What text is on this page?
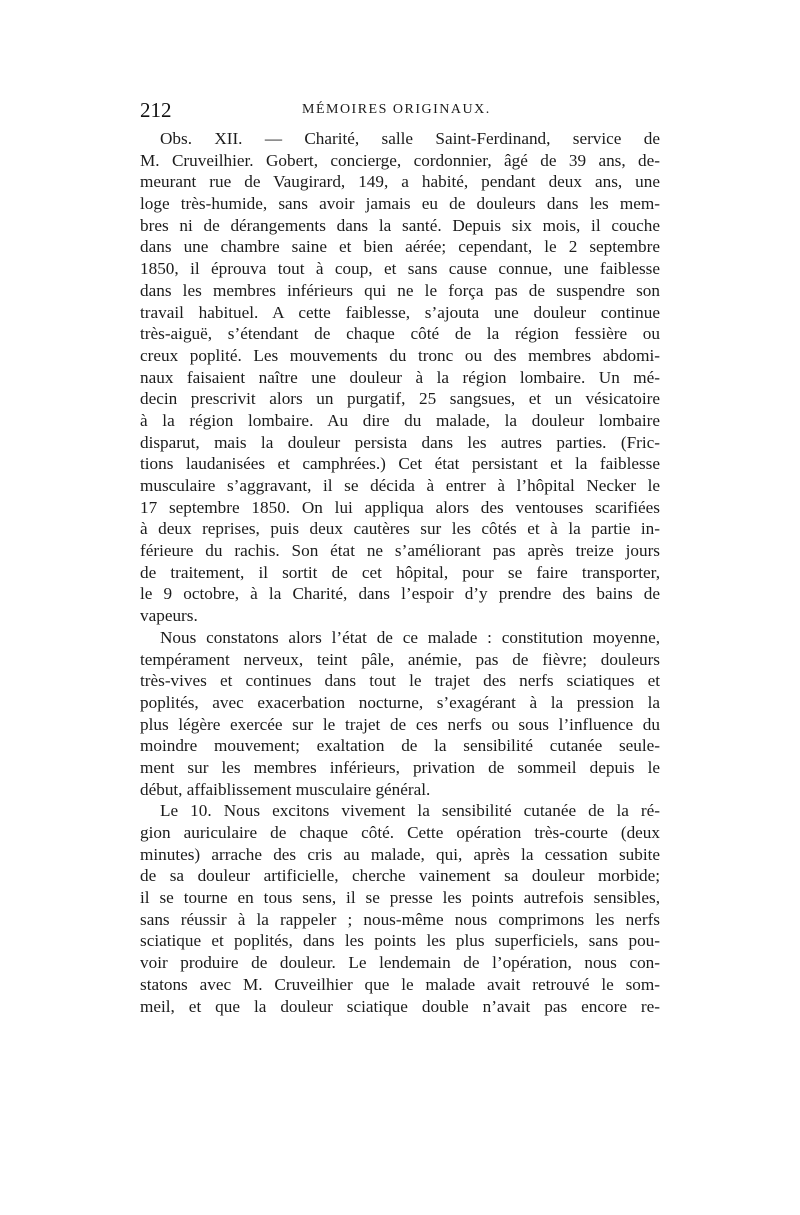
212	MÉMOIRES ORIGINAUX.
Obs. XII. — Charité, salle Saint-Ferdinand, service de
M. Cruveilhier. Gobert, concierge, cordonnier, âgé de 39 ans, de-
meurant rue de Vaugirard, 149, a habité, pendant deux ans, une
loge très-humide, sans avoir jamais eu de douleurs dans les mem-
bres ni de dérangements dans la santé. Depuis six mois, il couche
dans une chambre saine et bien aérée; cependant, le 2 septembre
1850, il éprouva tout à coup, et sans cause connue, une faiblesse
dans les membres inférieurs qui ne le força pas de suspendre son
travail habituel. A cette faiblesse, s’ajouta une douleur continue
très-aiguë, s’étendant de chaque côté de la région fessière ou
creux poplité. Les mouvements du tronc ou des membres abdomi-
naux faisaient naître une douleur à la région lombaire. Un mé-
decin prescrivit alors un purgatif, 25 sangsues, et un vésicatoire
à la région lombaire. Au dire du malade, la douleur lombaire
disparut, mais la douleur persista dans les autres parties. (Fric-
tions laudanisées et camphrées.) Cet état persistant et la faiblesse
musculaire s’aggravant, il se décida à entrer à l’hôpital Necker le
17 septembre 1850. On lui appliqua alors des ventouses scarifiées
à deux reprises, puis deux cautères sur les côtés et à la partie in-
férieure du rachis. Son état ne s’améliorant pas après treize jours
de traitement, il sortit de cet hôpital, pour se faire transporter,
le 9 octobre, à la Charité, dans l’espoir d’y prendre des bains de
vapeurs.
Nous constatons alors l’état de ce malade : constitution moyenne,
tempérament nerveux, teint pâle, anémie, pas de fièvre; douleurs
très-vives et continues dans tout le trajet des nerfs sciatiques et
poplités, avec exacerbation nocturne, s’exagérant à la pression la
plus légère exercée sur le trajet de ces nerfs ou sous l’influence du
moindre mouvement; exaltation de la sensibilité cutanée seule-
ment sur les membres inférieurs, privation de sommeil depuis le
début, affaiblissement musculaire général.
Le 10. Nous excitons vivement la sensibilité cutanée de la ré-
gion auriculaire de chaque côté. Cette opération très-courte (deux
minutes) arrache des cris au malade, qui, après la cessation subite
de sa douleur artificielle, cherche vainement sa douleur morbide;
il se tourne en tous sens, il se presse les points autrefois sensibles,
sans réussir à la rappeler ; nous-même nous comprimons les nerfs
sciatique et poplités, dans les points les plus superficiels, sans pou-
voir produire de douleur. Le lendemain de l’opération, nous con-
statons avec M. Cruveilhier que le malade avait retrouvé le som-
meil, et que la douleur sciatique double n’avait pas encore re-
